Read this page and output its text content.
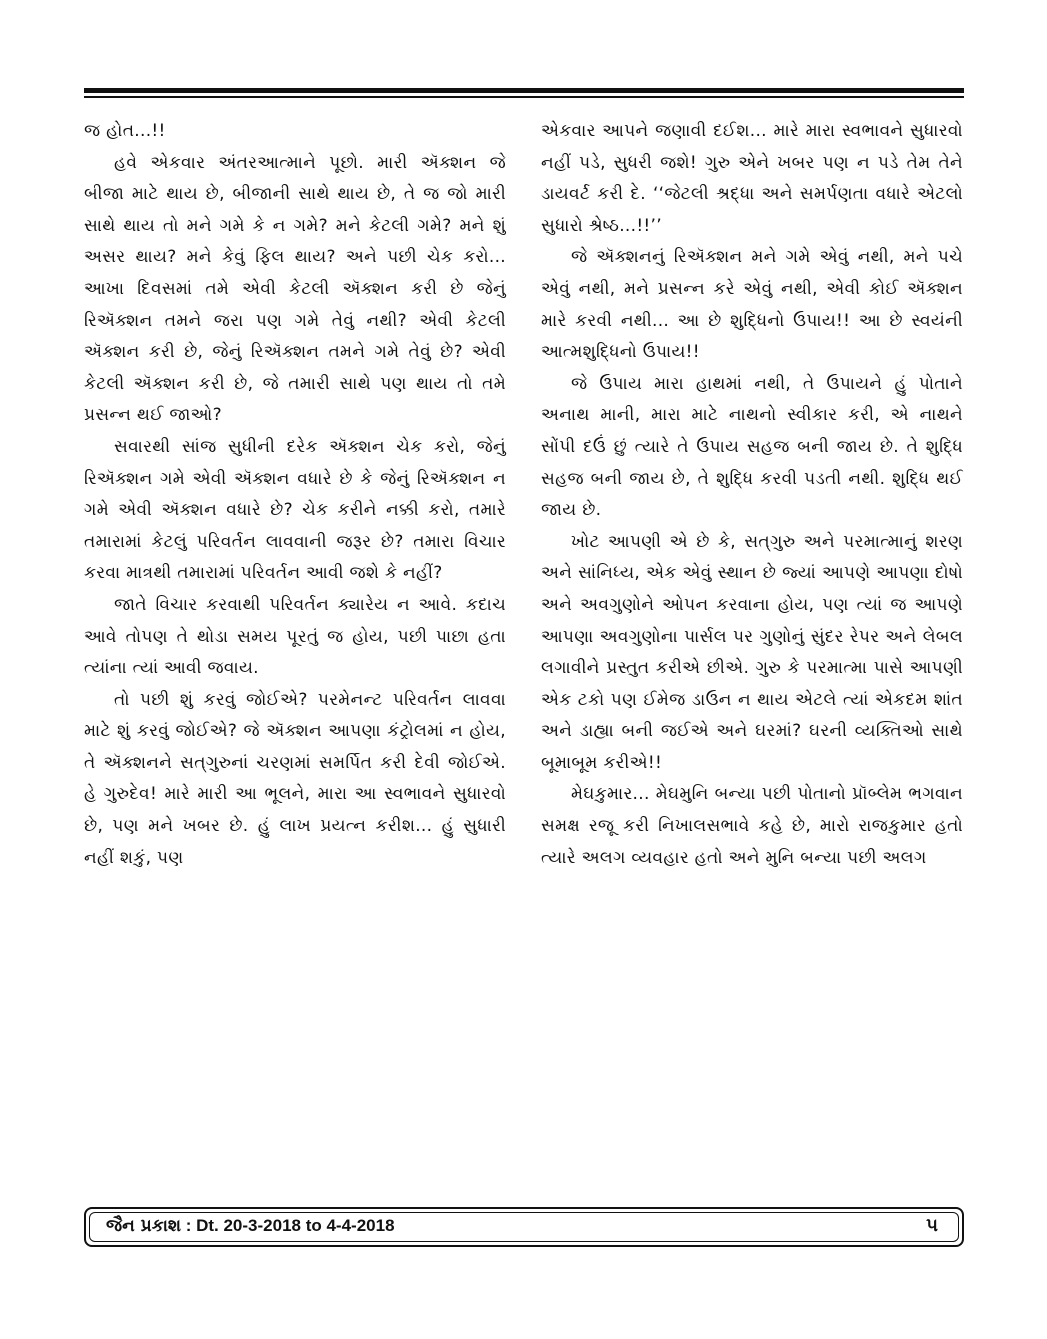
જ હોત...!!

હવે એકવાર અંતરઆત્માને પૂછો. મારી ઍક્શન જે બીજા માટે થાય છે, બીજાની સાથે થાય છે, તે જ જો મારી સાથે થાય તો મને ગમે કે ન ગમે? મને કેટલી ગમે? મને શું અસર થાય? મને કેવું ફિલ થાય? અને પછી ચેક કરો... આખા દિવસમાં તમે એવી કેટલી ઍક્શન કરી છે જેનું રિઍક્શન તમને જરા પણ ગમે તેવું નથી? એવી કેટલી ઍક્શન કરી છે, જેનું રિઍક્શન તમને ગમે તેવું છે? એવી કેટલી ઍક્શન કરી છે, જે તમારી સાથે પણ થાય તો તમે પ્રસન્ન થઈ જાઓ?

સવારથી સાંજ સુધીની દરેક ઍક્શન ચેક કરો, જેનું રિઍક્શન ગમે એવી ઍક્શન વધારે છે કે જેનું રિઍક્શન ન ગમે એવી ઍક્શન વધારે છે? ચેક કરીને નક્કી કરો, તમારે તમારામાં કેટલું પરિવર્તન લાવવાની જરૂર છે? તમારા વિચાર કરવા માત્રથી તમારામાં પરિવર્તન આવી જશે કે નહીં?

જાતે વિચાર કરવાથી પરિવર્તન ક્યારેય ન આવે. કદાચ આવે તોપણ તે થોડા સમય પૂરતું જ હોય, પછી પાછા હતા ત્યાંના ત્યાં આવી જવાય.

તો પછી શું કરવું જોઈએ? પરમેનન્ટ પરિવર્તન લાવવા માટે શું કરવું જોઈએ? જે ઍક્શન આપણા કંટ્રોલમાં ન હોય, તે ઍક્શનને સત્‌ગુરુનાં ચરણમાં સમર્પિત કરી દેવી જોઈએ. હે ગુરુદેવ! મારે મારી આ ભૂલને, મારા આ સ્વભાવને સુધારવો છે, પણ મને ખબર છે. હું લાખ પ્રયત્ન કરીશ... હું સુધારી નહીં શકું, પણ

એકવાર આપને જણાવી દઈશ... મારે મારા સ્વભાવને સુધારવો નહીં પડે, સુધરી જશે! ગુરુ એને ખબર પણ ન પડે તેમ તેને ડાયવર્ટ કરી દે. ‘‘જેટલી શ્રદ્ધા અને સમર્પણતા વધારે એટલો સુધારો શ્રેષ્ઠ...!!’’

જે ઍક્શનનું રિઍક્શન મને ગમે એવું નથી, મને પચે એવું નથી, મને પ્રસન્ન કરે એવું નથી, એવી કોઈ ઍક્શન મારે કરવી નથી... આ છે શુદ્ધિનો ઉપાય!! આ છે સ્વયંની આત્મશુદ્ધિનો ઉપાય!!

જે ઉપાય મારા હાથમાં નથી, તે ઉપાયને હું પોતાને અનાથ માની, મારા માટે નાથનો સ્વીકાર કરી, એ નાથને સોંપી દઉં છું ત્યારે તે ઉપાય સહજ બની જાય છે. તે શુદ્ધિ સહજ બની જાય છે, તે શુદ્ધિ કરવી પડતી નથી. શુદ્ધિ થઈ જાય છે.

ખોટ આપણી એ છે કે, સત્‌ગુરુ અને પરમાત્માનું શરણ અને સાંનિધ્ય, એક એવું સ્થાન છે જ્યાં આપણે આપણા દોષો અને અવગુણોને ઓપન કરવાના હોય, પણ ત્યાં જ આપણે આપણા અવગુણોના પાર્સલ પર ગુણોનું સુંદર રેપર અને લેબલ લગાવીને પ્રસ્તુત કરીએ છીએ. ગુરુ કે પરમાત્મા પાસે આપણી એક ટકો પણ ઈમેજ ડાઉન ન થાય એટલે ત્યાં એકદમ શાંત અને ડાહ્યા બની જઈએ અને ઘરમાં? ઘરની વ્યક્તિઓ સાથે બૂમાબૂમ કરીએ!!

મેઘકુમાર... મેઘમુનિ બન્યા પછી પોતાનો પ્રૉબ્લેમ ભગવાન સમક્ષ રજૂ કરી નિખાલસભાવે કહે છે, મારો રાજકુમાર હતો ત્યારે અલગ વ્યવહાર હતો અને મુનિ બન્યા પછી અલગ

જૈન પ્રકાશ : Dt. 20-3-2018 to 4-4-2018	૫
